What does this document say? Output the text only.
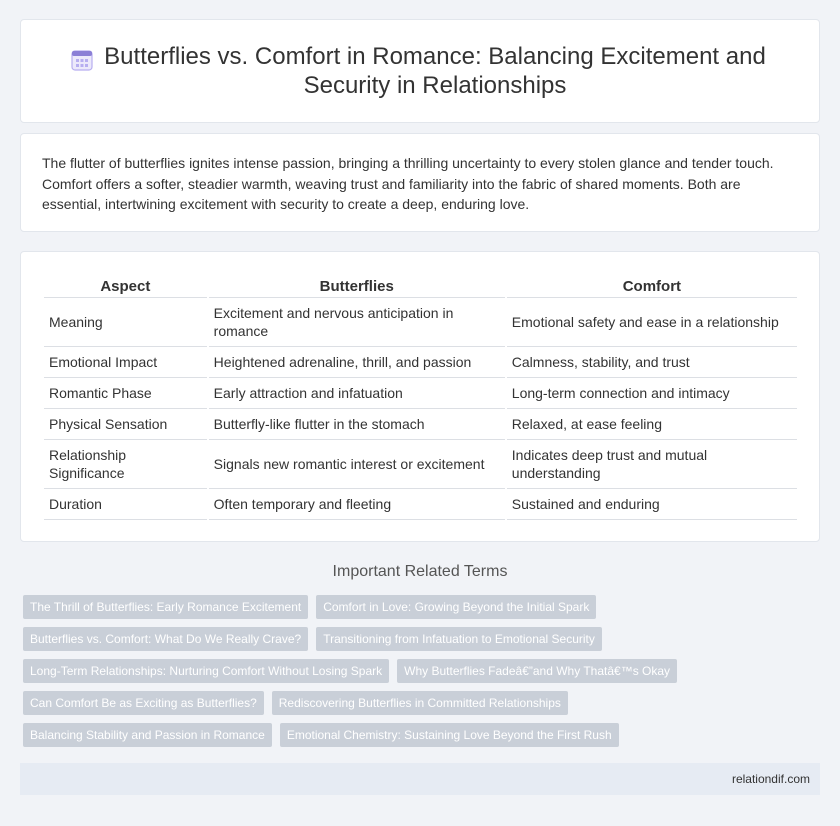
Butterflies vs. Comfort in Romance: Balancing Excitement and Security in Relationships

The flutter of butterflies ignites intense passion, bringing a thrilling uncertainty to every stolen glance and tender touch. Comfort offers a softer, steadier warmth, weaving trust and familiarity into the fabric of shared moments. Both are essential, intertwining excitement with security to create a deep, enduring love.

Aspect	Butterflies	Comfort
Meaning	Excitement and nervous anticipation in romance	Emotional safety and ease in a relationship
Emotional Impact	Heightened adrenaline, thrill, and passion	Calmness, stability, and trust
Romantic Phase	Early attraction and infatuation	Long-term connection and intimacy
Physical Sensation	Butterfly-like flutter in the stomach	Relaxed, at ease feeling
Relationship Significance	Signals new romantic interest or excitement	Indicates deep trust and mutual understanding
Duration	Often temporary and fleeting	Sustained and enduring
Important Related Terms
The Thrill of Butterflies: Early Romance Excitement	Comfort in Love: Growing Beyond the Initial Spark
Butterflies vs. Comfort: What Do We Really Crave?	Transitioning from Infatuation to Emotional Security
Long-Term Relationships: Nurturing Comfort Without Losing Spark	Why Butterflies Fadeâ€”and Why Thatâ€™s Okay
Can Comfort Be as Exciting as Butterflies?	Rediscovering Butterflies in Committed Relationships
Balancing Stability and Passion in Romance	Emotional Chemistry: Sustaining Love Beyond the First Rush
relationdif.com
